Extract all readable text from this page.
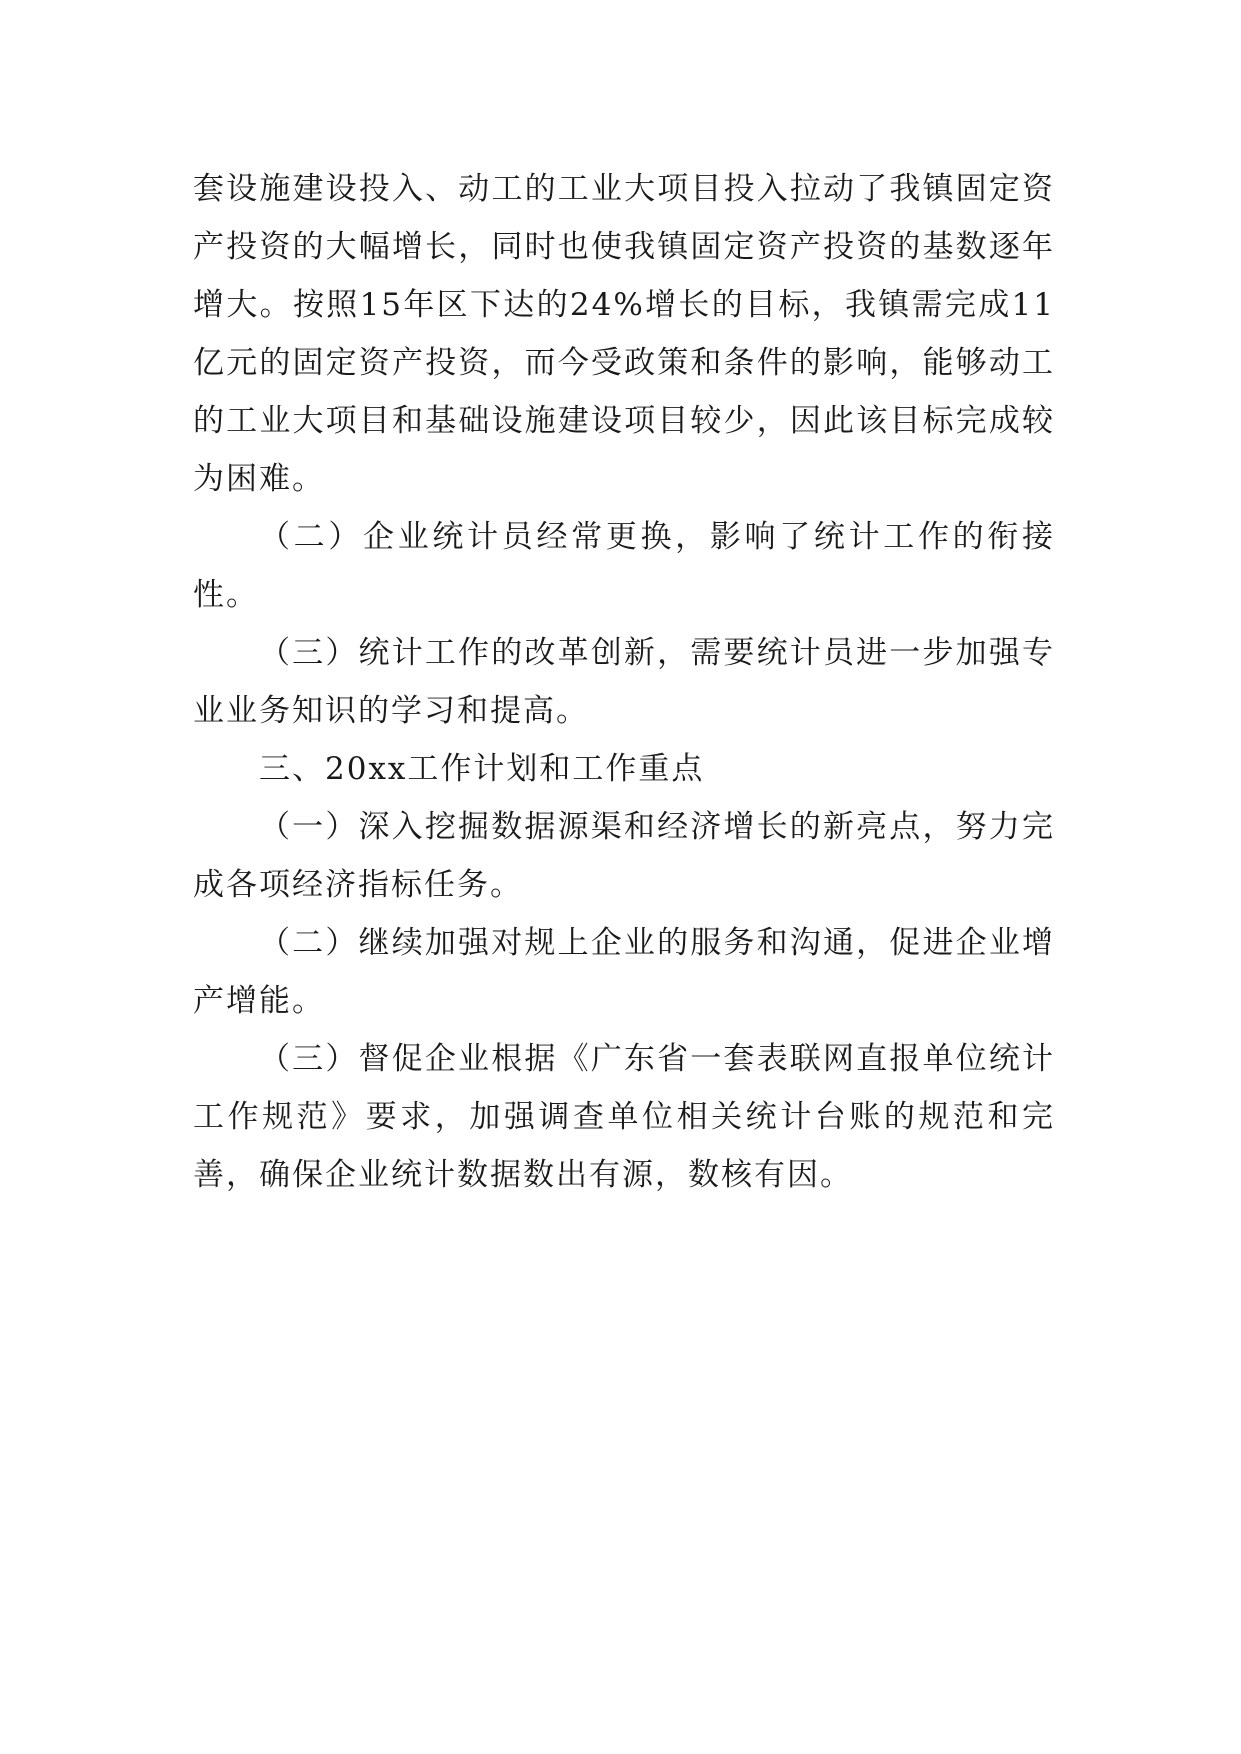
套设施建设投入、动工的工业大项目投入拉动了我镇固定资产投资的大幅增长，同时也使我镇固定资产投资的基数逐年增大。按照15年区下达的24%增长的目标，我镇需完成11亿元的固定资产投资，而今受政策和条件的影响，能够动工的工业大项目和基础设施建设项目较少，因此该目标完成较为困难。

（二）企业统计员经常更换，影响了统计工作的衔接性。

（三）统计工作的改革创新，需要统计员进一步加强专业业务知识的学习和提高。

三、20xx工作计划和工作重点

（一）深入挖掘数据源渠和经济增长的新亮点，努力完成各项经济指标任务。

（二）继续加强对规上企业的服务和沟通，促进企业增产增能。

（三）督促企业根据《广东省一套表联网直报单位统计工作规范》要求，加强调查单位相关统计台账的规范和完善，确保企业统计数据数出有源，数核有因。
